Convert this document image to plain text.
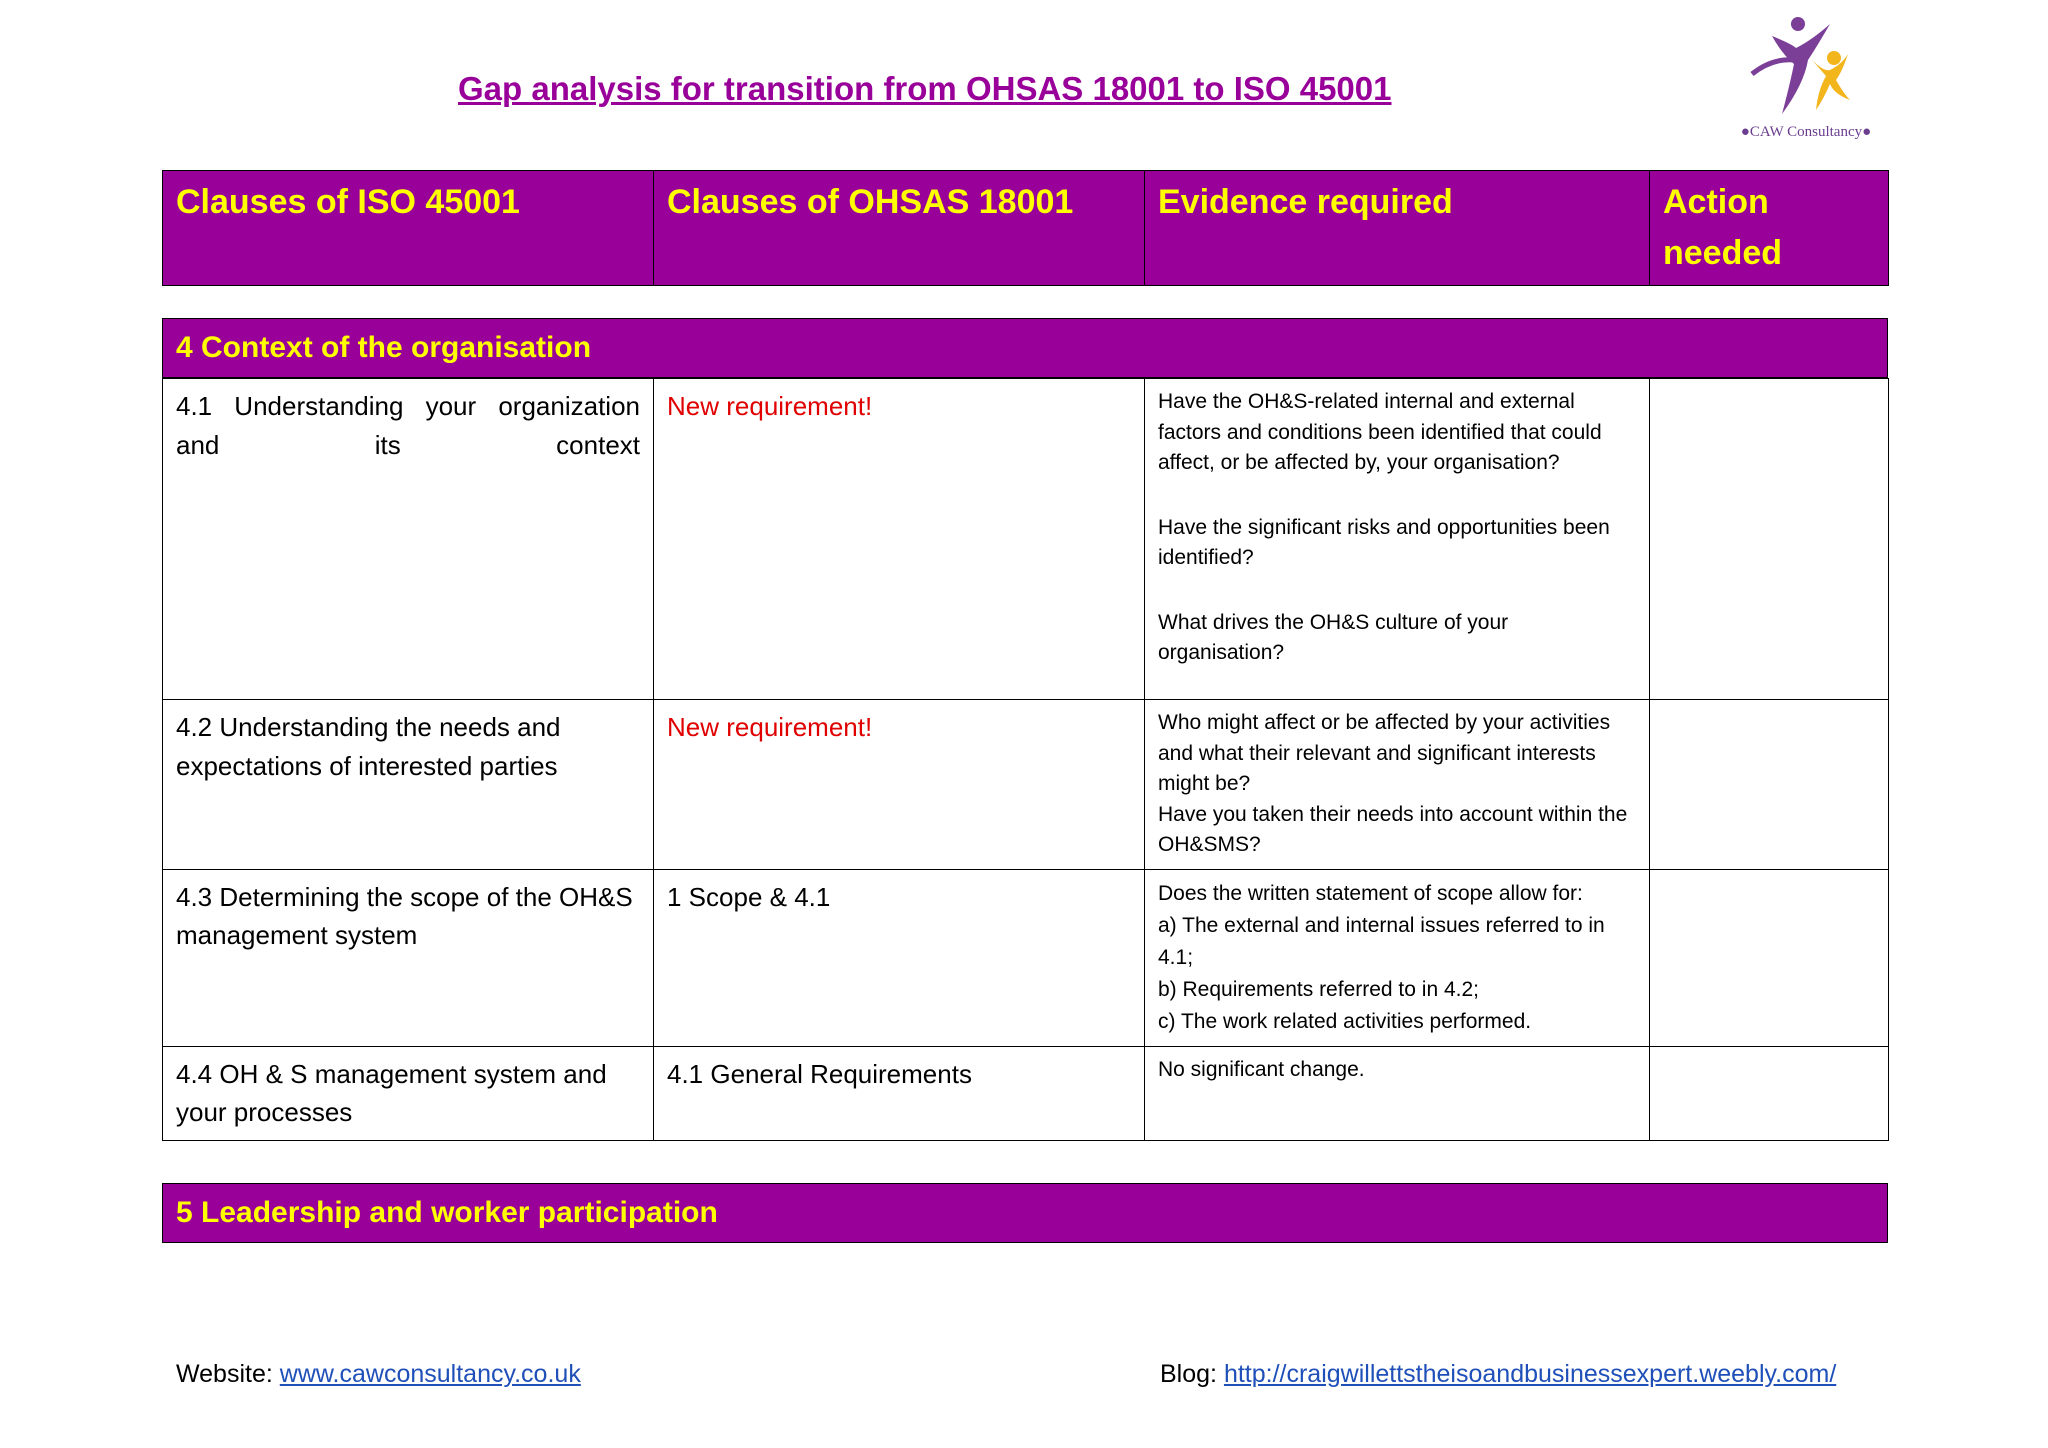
Gap analysis for transition from OHSAS 18001 to ISO 45001
●CAW Consultancy●
Clauses of ISO 45001	Clauses of OHSAS 18001	Evidence required	Action needed
4 Context of the organisation
4.1 Understanding your organization and its context	New requirement!	Have the OH&S-related internal and external factors and conditions been identified that could affect, or be affected by, your organisation?

Have the significant risks and opportunities been identified?

What drives the OH&S culture of your organisation?	

4.2 Understanding the needs and expectations of interested parties	New requirement!	Who might affect or be affected by your activities and what their relevant and significant interests might be?

Have you taken their needs into account within the OH&SMS?	

4.3 Determining the scope of the OH&S management system	1 Scope & 4.1	Does the written statement of scope allow for:

a) The external and internal issues referred to in 4.1;

b) Requirements referred to in 4.2;

c) The work related activities performed.	

4.4 OH & S management system and your processes	4.1 General Requirements	No significant change.	

5 Leadership and worker participation
Website: www.cawconsultancy.co.uk	Blog: http://craigwillettstheisoandbusinessexpert.weebly.com/
